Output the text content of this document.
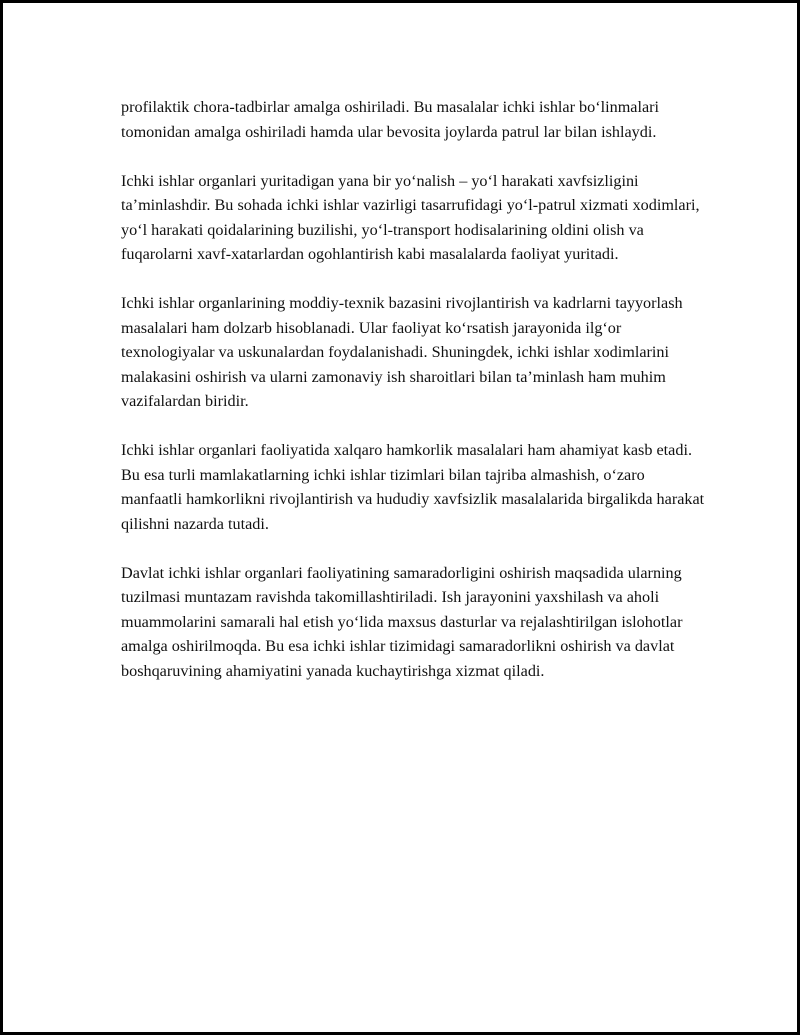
profilaktik chora-tadbirlar amalga oshiriladi. Bu masalalar ichki ishlar bo‘linmalari tomonidan amalga oshiriladi hamda ular bevosita joylarda patrul lar bilan ishlaydi.

Ichki ishlar organlari yuritadigan yana bir yo‘nalish – yo‘l harakati xavfsizligini ta’minlashdir. Bu sohada ichki ishlar vazirligi tasarrufidagi yo‘l-patrul xizmati xodimlari, yo‘l harakati qoidalarining buzilishi, yo‘l-transport hodisalarining oldini olish va fuqarolarni xavf-xatarlardan ogohlantirish kabi masalalarda faoliyat yuritadi.

Ichki ishlar organlarining moddiy-texnik bazasini rivojlantirish va kadrlarni tayyorlash masalalari ham dolzarb hisoblanadi. Ular faoliyat ko‘rsatish jarayonida ilg‘or texnologiyalar va uskunalardan foydalanishadi. Shuningdek, ichki ishlar xodimlarini malakasini oshirish va ularni zamonaviy ish sharoitlari bilan ta’minlash ham muhim vazifalardan biridir.

Ichki ishlar organlari faoliyatida xalqaro hamkorlik masalalari ham ahamiyat kasb etadi. Bu esa turli mamlakatlarning ichki ishlar tizimlari bilan tajriba almashish, o‘zaro manfaatli hamkorlikni rivojlantirish va hududiy xavfsizlik masalalarida birgalikda harakat qilishni nazarda tutadi.

Davlat ichki ishlar organlari faoliyatining samaradorligini oshirish maqsadida ularning tuzilmasi muntazam ravishda takomillashtiriladi. Ish jarayonini yaxshilash va aholi muammolarini samarali hal etish yo‘lida maxsus dasturlar va rejalashtirilgan islohotlar amalga oshirilmoqda. Bu esa ichki ishlar tizimidagi samaradorlikni oshirish va davlat boshqaruvining ahamiyatini yanada kuchaytirishga xizmat qiladi.
